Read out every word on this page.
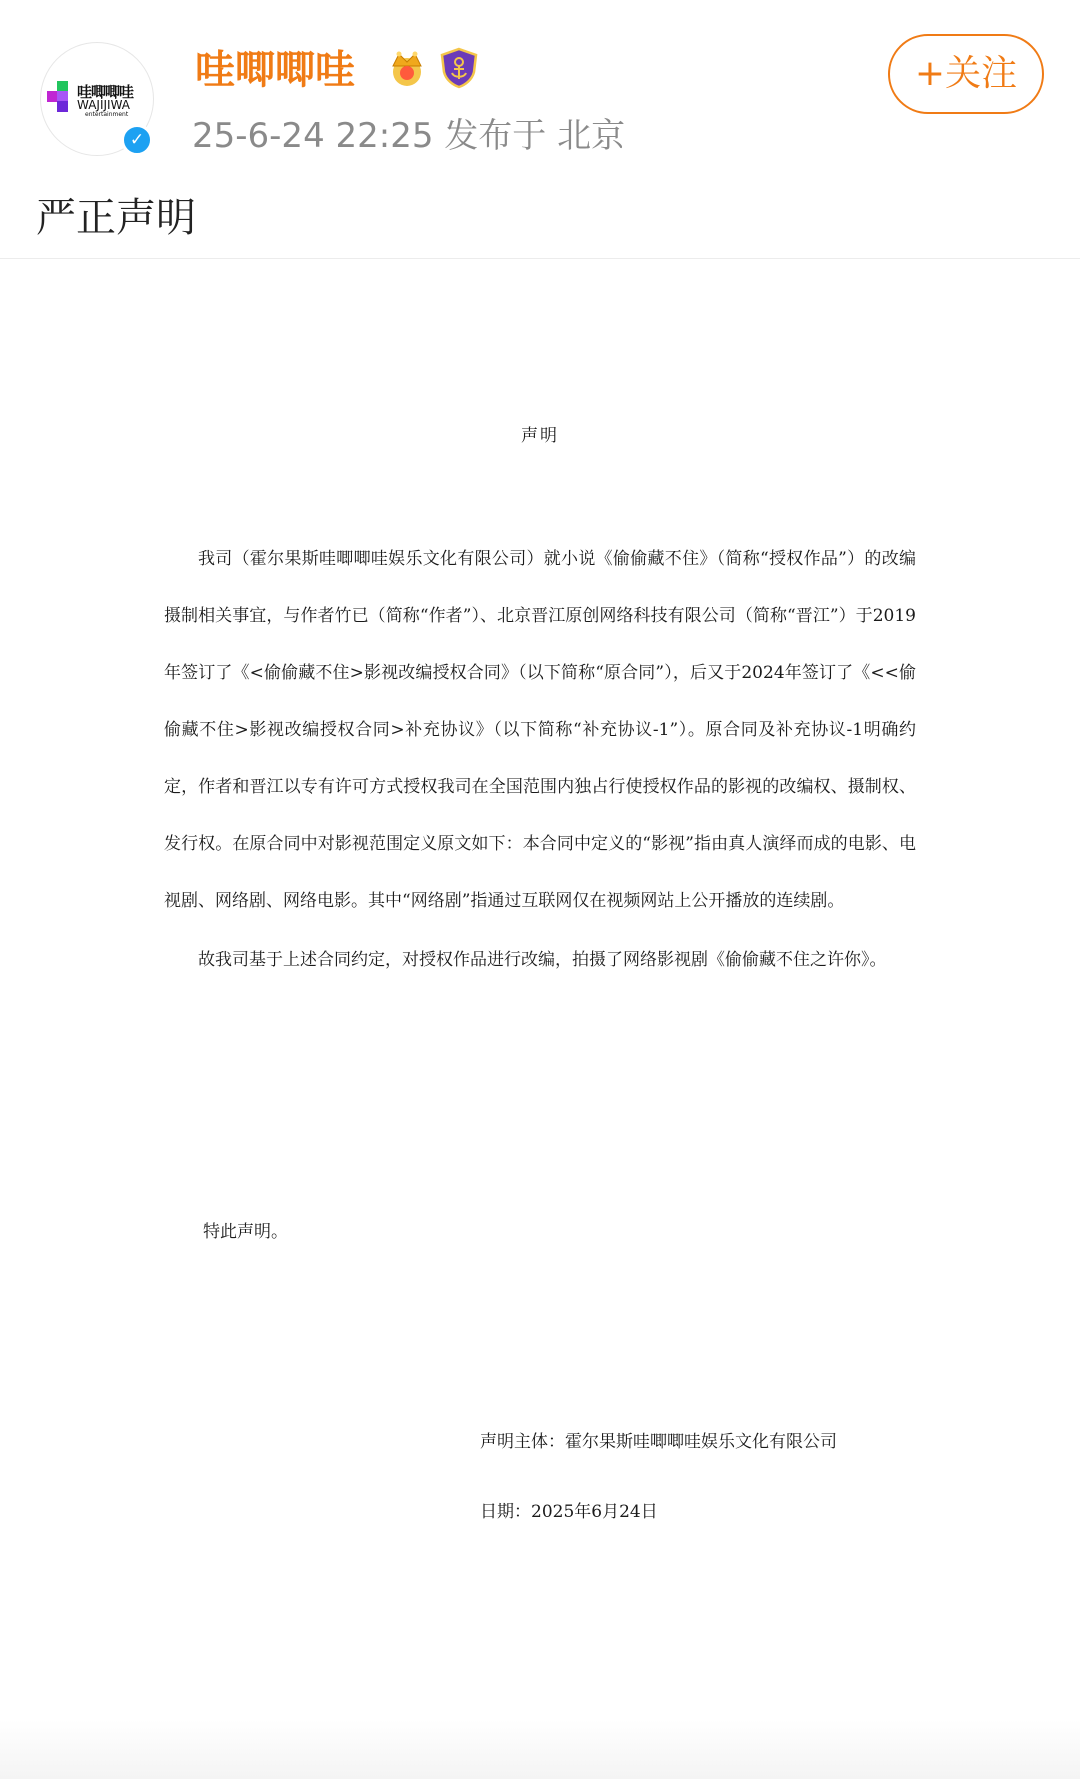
哇唧唧哇
WAJIJIWA
entertainment
✓
哇唧唧哇
25-6-24 22:25 发布于 北京
+关注
严正声明
声明

我司（霍尔果斯哇唧唧哇娱乐文化有限公司）就小说《偷偷藏不住》（简称“授权作品”）的改编摄制相关事宜，与作者竹已（简称“作者”）、北京晋江原创网络科技有限公司（简称“晋江”）于2019年签订了《<偷偷藏不住>影视改编授权合同》（以下简称“原合同”），后又于2024年签订了《<<偷偷藏不住>影视改编授权合同>补充协议》（以下简称“补充协议-1”）。原合同及补充协议-1明确约定，作者和晋江以专有许可方式授权我司在全国范围内独占行使授权作品的影视的改编权、摄制权、发行权。在原合同中对影视范围定义原文如下：本合同中定义的“影视”指由真人演绎而成的电影、电视剧、网络剧、网络电影。其中“网络剧”指通过互联网仅在视频网站上公开播放的连续剧。

故我司基于上述合同约定，对授权作品进行改编，拍摄了网络影视剧《偷偷藏不住之许你》。

特此声明。
声明主体：霍尔果斯哇唧唧哇娱乐文化有限公司
日期：2025年6月24日
